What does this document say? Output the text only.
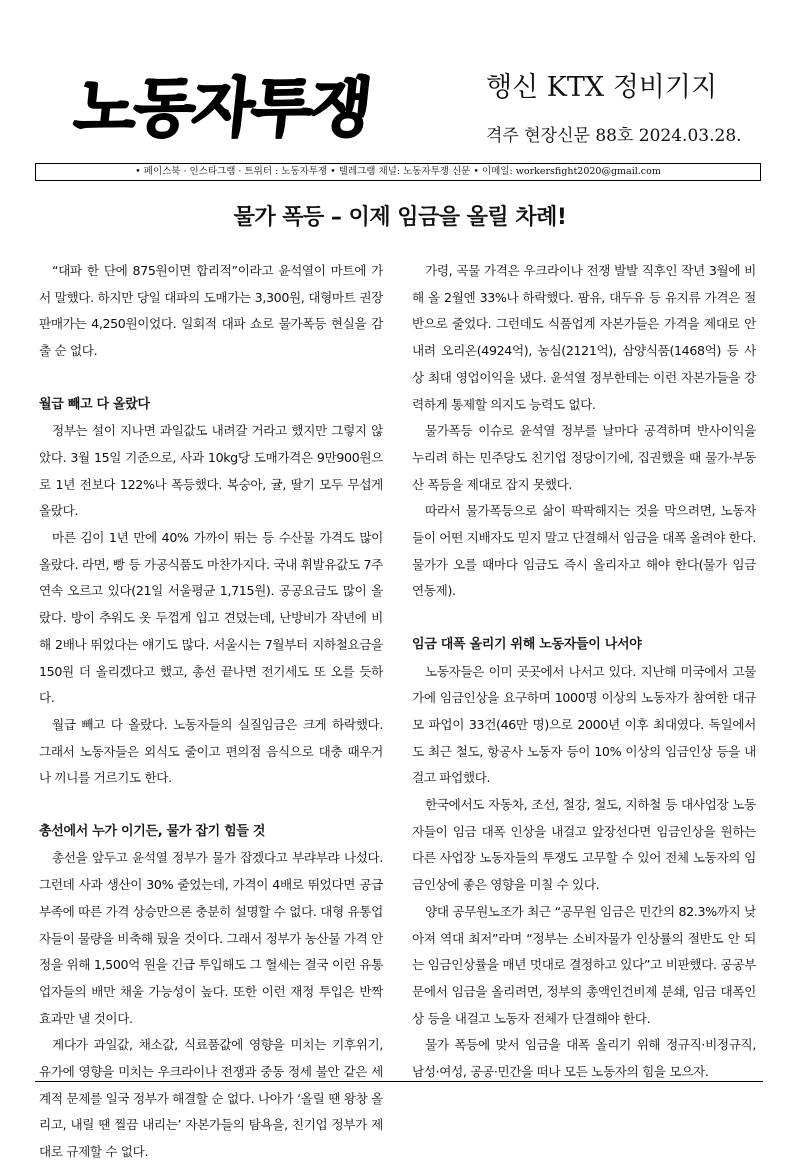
노동자투쟁	행신 KTX 정비기지
격주 현장신문 88호 2024.03.28.
• 페이스북 · 인스타그램 · 트위터 : 노동자투쟁 • 텔레그램 채널: 노동자투쟁 신문 • 이메일: workersfight2020@gmail.com
물가 폭등 – 이제 임금을 올릴 차례!

“대파 한 단에 875원이면 합리적”이라고 윤석열이 마트에 가서 말했다. 하지만 당일 대파의 도매가는 3,300원, 대형마트 권장 판매가는 4,250원이었다. 일회적 대파 쇼로 물가폭등 현실을 감출 순 없다.

월급 빼고 다 올랐다

정부는 설이 지나면 과일값도 내려갈 거라고 했지만 그렇지 않았다. 3월 15일 기준으로, 사과 10kg당 도매가격은 9만900원으로 1년 전보다 122%나 폭등했다. 복숭아, 귤, 딸기 모두 무섭게 올랐다.

마른 김이 1년 만에 40% 가까이 뛰는 등 수산물 가격도 많이 올랐다. 라면, 빵 등 가공식품도 마찬가지다. 국내 휘발유값도 7주 연속 오르고 있다(21일 서울평균 1,715원). 공공요금도 많이 올랐다. 방이 추워도 옷 두껍게 입고 견뎠는데, 난방비가 작년에 비해 2배나 뛰었다는 얘기도 많다. 서울시는 7월부터 지하철요금을 150원 더 올리겠다고 했고, 총선 끝나면 전기세도 또 오를 듯하다.

월급 빼고 다 올랐다. 노동자들의 실질임금은 크게 하락했다. 그래서 노동자들은 외식도 줄이고 편의점 음식으로 대충 때우거나 끼니를 거르기도 한다.

총선에서 누가 이기든, 물가 잡기 힘들 것

총선을 앞두고 윤석열 정부가 물가 잡겠다고 부랴부랴 나섰다. 그런데 사과 생산이 30% 줄었는데, 가격이 4배로 뛰었다면 공급 부족에 따른 가격 상승만으론 충분히 설명할 수 없다. 대형 유통업자들이 물량을 비축해 뒀을 것이다. 그래서 정부가 농산물 가격 안정을 위해 1,500억 원을 긴급 투입해도 그 혈세는 결국 이런 유통업자들의 배만 채울 가능성이 높다. 또한 이런 재정 투입은 반짝 효과만 낼 것이다.

게다가 과일값, 채소값, 식료품값에 영향을 미치는 기후위기, 유가에 영향을 미치는 우크라이나 전쟁과 중동 정세 불안 같은 세계적 문제를 일국 정부가 해결할 순 없다. 나아가 ‘올릴 땐 왕창 올리고, 내릴 땐 찔끔 내리는’ 자본가들의 탐욕을, 친기업 정부가 제대로 규제할 수 없다.

가령, 곡물 가격은 우크라이나 전쟁 발발 직후인 작년 3월에 비해 올 2월엔 33%나 하락했다. 팜유, 대두유 등 유지류 가격은 절반으로 줄었다. 그런데도 식품업계 자본가들은 가격을 제대로 안 내려 오리온(4924억), 농심(2121억), 삼양식품(1468억) 등 사상 최대 영업이익을 냈다. 윤석열 정부한테는 이런 자본가들을 강력하게 통제할 의지도 능력도 없다.

물가폭등 이슈로 윤석열 정부를 날마다 공격하며 반사이익을 누리려 하는 민주당도 친기업 정당이기에, 집권했을 때 물가·부동산 폭등을 제대로 잡지 못했다.

따라서 물가폭등으로 삶이 팍팍해지는 것을 막으려면, 노동자들이 어떤 지배자도 믿지 말고 단결해서 임금을 대폭 올려야 한다. 물가가 오를 때마다 임금도 즉시 올리자고 해야 한다(물가 임금 연동제).

임금 대폭 올리기 위해 노동자들이 나서야

노동자들은 이미 곳곳에서 나서고 있다. 지난해 미국에서 고물가에 임금인상을 요구하며 1000명 이상의 노동자가 참여한 대규모 파업이 33건(46만 명)으로 2000년 이후 최대였다. 독일에서도 최근 철도, 항공사 노동자 등이 10% 이상의 임금인상 등을 내걸고 파업했다.

한국에서도 자동차, 조선, 철강, 철도, 지하철 등 대사업장 노동자들이 임금 대폭 인상을 내걸고 앞장선다면 임금인상을 원하는 다른 사업장 노동자들의 투쟁도 고무할 수 있어 전체 노동자의 임금인상에 좋은 영향을 미칠 수 있다.

양대 공무원노조가 최근 “공무원 임금은 민간의 82.3%까지 낮아져 역대 최저”라며 “정부는 소비자물가 인상률의 절반도 안 되는 임금인상률을 매년 멋대로 결정하고 있다”고 비판했다. 공공부문에서 임금을 올리려면, 정부의 총액인건비제 분쇄, 임금 대폭인상 등을 내걸고 노동자 전체가 단결해야 한다.

물가 폭등에 맞서 임금을 대폭 올리기 위해 정규직·비정규직, 남성·여성, 공공·민간을 떠나 모든 노동자의 힘을 모으자.
